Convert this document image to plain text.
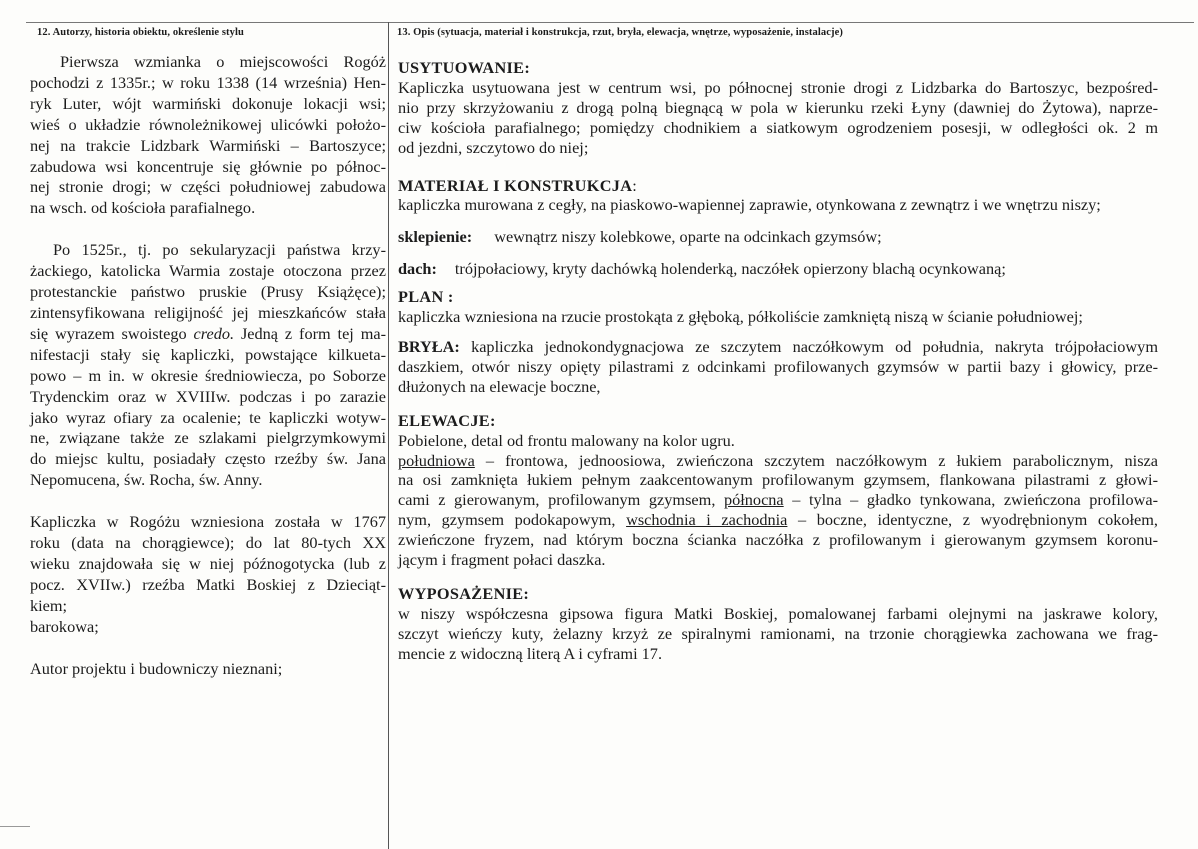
12. Autorzy, historia obiektu, określenie stylu	13. Opis (sytuacja, materiał i konstrukcja, rzut, bryła, elewacja, wnętrze, wyposażenie, instalacje)
Pierwsza wzmianka o miejscowości Rogóż
pochodzi z 1335r.; w roku 1338 (14 września) Hen-
ryk Luter, wójt warmiński dokonuje lokacji wsi;
wieś o układzie równoleżnikowej ulicówki położo-
nej na trakcie Lidzbark Warmiński – Bartoszyce;
zabudowa wsi koncentruje się głównie po północ-
nej stronie drogi; w części południowej zabudowa
na wsch. od kościoła parafialnego.
Po 1525r., tj. po sekularyzacji państwa krzy-
żackiego, katolicka Warmia zostaje otoczona przez
protestanckie państwo pruskie (Prusy Książęce);
zintensyfikowana religijność jej mieszkańców stała
się wyrazem swoistego credo. Jedną z form tej ma-
nifestacji stały się kapliczki, powstające kilkueta-
powo – m in. w okresie średniowiecza, po Soborze
Trydenckim oraz w XVIIIw. podczas i po zarazie
jako wyraz ofiary za ocalenie; te kapliczki wotyw-
ne, związane także ze szlakami pielgrzymkowymi
do miejsc kultu, posiadały często rzeźby św. Jana
Nepomucena, św. Rocha, św. Anny.
Kapliczka w Rogóżu wzniesiona została w 1767
roku (data na chorągiewce); do lat 80-tych XX
wieku znajdowała się w niej późnogotycka (lub z
pocz. XVIIw.) rzeźba Matki Boskiej z Dzieciąt-
kiem;
barokowa;
Autor projektu i budowniczy nieznani;
USYTUOWANIE:
Kapliczka usytuowana jest w centrum wsi, po północnej stronie drogi z Lidzbarka do Bartoszyc, bezpośred-
nio przy skrzyżowaniu z drogą polną biegnącą w pola w kierunku rzeki Łyny (dawniej do Żytowa), naprze-
ciw kościoła parafialnego; pomiędzy chodnikiem a siatkowym ogrodzeniem posesji, w odległości ok. 2 m
od jezdni, szczytowo do niej;
MATERIAŁ I KONSTRUKCJA:
kapliczka murowana z cegły, na piaskowo-wapiennej zaprawie, otynkowana z zewnątrz i we wnętrzu niszy;
sklepienie: wewnątrz niszy kolebkowe, oparte na odcinkach gzymsów;
dach: trójpołaciowy, kryty dachówką holenderką, naczółek opierzony blachą ocynkowaną;
PLAN :
kapliczka wzniesiona na rzucie prostokąta z głęboką, półkoliście zamkniętą niszą w ścianie południowej;
BRYŁA: kapliczka jednokondygnacjowa ze szczytem naczółkowym od południa, nakryta trójpołaciowym
daszkiem, otwór niszy opięty pilastrami z odcinkami profilowanych gzymsów w partii bazy i głowicy, prze-
dłużonych na elewacje boczne,
ELEWACJE:
Pobielone, detal od frontu malowany na kolor ugru.
południowa – frontowa, jednoosiowa, zwieńczona szczytem naczółkowym z łukiem parabolicznym, nisza
na osi zamknięta łukiem pełnym zaakcentowanym profilowanym gzymsem, flankowana pilastrami z głowi-
cami z gierowanym, profilowanym gzymsem, północna – tylna – gładko tynkowana, zwieńczona profilowa-
nym, gzymsem podokapowym, wschodnia i zachodnia – boczne, identyczne, z wyodrębnionym cokołem,
zwieńczone fryzem, nad którym boczna ścianka naczółka z profilowanym i gierowanym gzymsem koronu-
jącym i fragment połaci daszka.
WYPOSAŻENIE:
w niszy współczesna gipsowa figura Matki Boskiej, pomalowanej farbami olejnymi na jaskrawe kolory,
szczyt wieńczy kuty, żelazny krzyż ze spiralnymi ramionami, na trzonie chorągiewka zachowana we frag-
mencie z widoczną literą A i cyframi 17.
